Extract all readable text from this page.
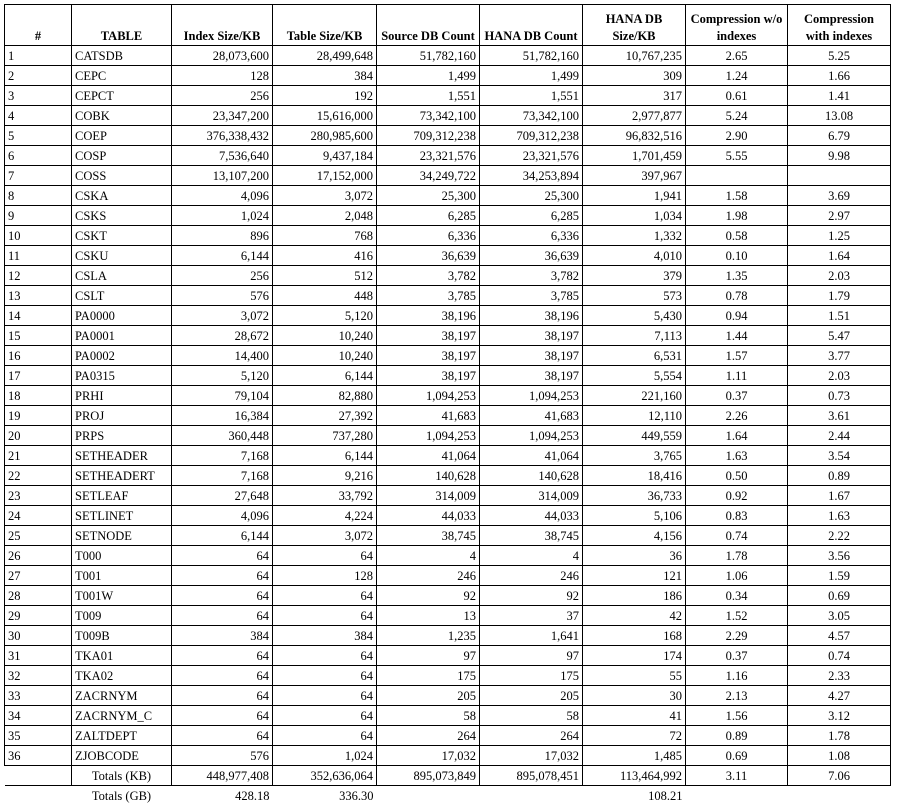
#	TABLE	Index Size/KB	Table Size/KB	Source DB Count	HANA DB Count	HANA DB Size/KB	Compression w/o indexes	Compression with indexes
1	CATSDB	28,073,600	28,499,648	51,782,160	51,782,160	10,767,235	2.65	5.25
2	CEPC	128	384	1,499	1,499	309	1.24	1.66
3	CEPCT	256	192	1,551	1,551	317	0.61	1.41
4	COBK	23,347,200	15,616,000	73,342,100	73,342,100	2,977,877	5.24	13.08
5	COEP	376,338,432	280,985,600	709,312,238	709,312,238	96,832,516	2.90	6.79
6	COSP	7,536,640	9,437,184	23,321,576	23,321,576	1,701,459	5.55	9.98
7	COSS	13,107,200	17,152,000	34,249,722	34,253,894	397,967		
8	CSKA	4,096	3,072	25,300	25,300	1,941	1.58	3.69
9	CSKS	1,024	2,048	6,285	6,285	1,034	1.98	2.97
10	CSKT	896	768	6,336	6,336	1,332	0.58	1.25
11	CSKU	6,144	416	36,639	36,639	4,010	0.10	1.64
12	CSLA	256	512	3,782	3,782	379	1.35	2.03
13	CSLT	576	448	3,785	3,785	573	0.78	1.79
14	PA0000	3,072	5,120	38,196	38,196	5,430	0.94	1.51
15	PA0001	28,672	10,240	38,197	38,197	7,113	1.44	5.47
16	PA0002	14,400	10,240	38,197	38,197	6,531	1.57	3.77
17	PA0315	5,120	6,144	38,197	38,197	5,554	1.11	2.03
18	PRHI	79,104	82,880	1,094,253	1,094,253	221,160	0.37	0.73
19	PROJ	16,384	27,392	41,683	41,683	12,110	2.26	3.61
20	PRPS	360,448	737,280	1,094,253	1,094,253	449,559	1.64	2.44
21	SETHEADER	7,168	6,144	41,064	41,064	3,765	1.63	3.54
22	SETHEADERT	7,168	9,216	140,628	140,628	18,416	0.50	0.89
23	SETLEAF	27,648	33,792	314,009	314,009	36,733	0.92	1.67
24	SETLINET	4,096	4,224	44,033	44,033	5,106	0.83	1.63
25	SETNODE	6,144	3,072	38,745	38,745	4,156	0.74	2.22
26	T000	64	64	4	4	36	1.78	3.56
27	T001	64	128	246	246	121	1.06	1.59
28	T001W	64	64	92	92	186	0.34	0.69
29	T009	64	64	13	37	42	1.52	3.05
30	T009B	384	384	1,235	1,641	168	2.29	4.57
31	TKA01	64	64	97	97	174	0.37	0.74
32	TKA02	64	64	175	175	55	1.16	2.33
33	ZACRNYM	64	64	205	205	30	2.13	4.27
34	ZACRNYM_C	64	64	58	58	41	1.56	3.12
35	ZALTDEPT	64	64	264	264	72	0.89	1.78
36	ZJOBCODE	576	1,024	17,032	17,032	1,485	0.69	1.08
	Totals (KB)	448,977,408	352,636,064	895,073,849	895,078,451	113,464,992	3.11	7.06
	Totals (GB)	428.18	336.30			108.21		
